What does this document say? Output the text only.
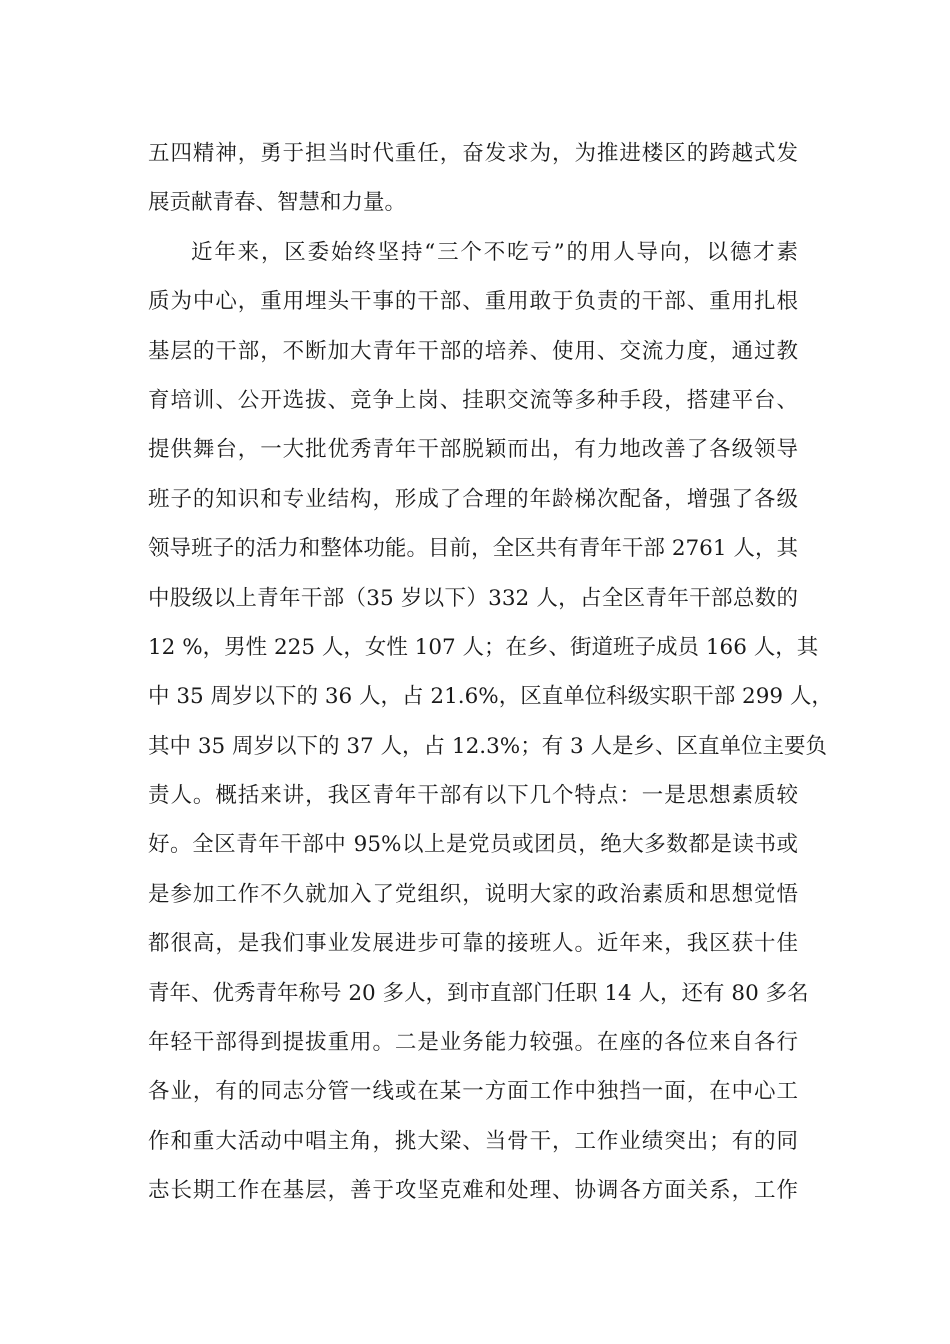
五四精神，勇于担当时代重任，奋发求为，为推进楼区的跨越式发
展贡献青春、智慧和力量。
近年来，区委始终坚持“三个不吃亏”的用人导向，以德才素
质为中心，重用埋头干事的干部、重用敢于负责的干部、重用扎根
基层的干部，不断加大青年干部的培养、使用、交流力度，通过教
育培训、公开选拔、竞争上岗、挂职交流等多种手段，搭建平台、
提供舞台，一大批优秀青年干部脱颖而出，有力地改善了各级领导
班子的知识和专业结构，形成了合理的年龄梯次配备，增强了各级
领导班子的活力和整体功能。目前，全区共有青年干部 2761 人，其
中股级以上青年干部（35 岁以下）332 人，占全区青年干部总数的
12 %，男性 225 人，女性 107 人；在乡、街道班子成员 166 人，其
中 35 周岁以下的 36 人，占 21.6%，区直单位科级实职干部 299 人，
其中 35 周岁以下的 37 人，占 12.3%；有 3 人是乡、区直单位主要负
责人。概括来讲，我区青年干部有以下几个特点：一是思想素质较
好。全区青年干部中 95%以上是党员或团员，绝大多数都是读书或
是参加工作不久就加入了党组织，说明大家的政治素质和思想觉悟
都很高，是我们事业发展进步可靠的接班人。近年来，我区获十佳
青年、优秀青年称号 20 多人，到市直部门任职 14 人，还有 80 多名
年轻干部得到提拔重用。二是业务能力较强。在座的各位来自各行
各业，有的同志分管一线或在某一方面工作中独挡一面，在中心工
作和重大活动中唱主角，挑大梁、当骨干，工作业绩突出；有的同
志长期工作在基层，善于攻坚克难和处理、协调各方面关系，工作
